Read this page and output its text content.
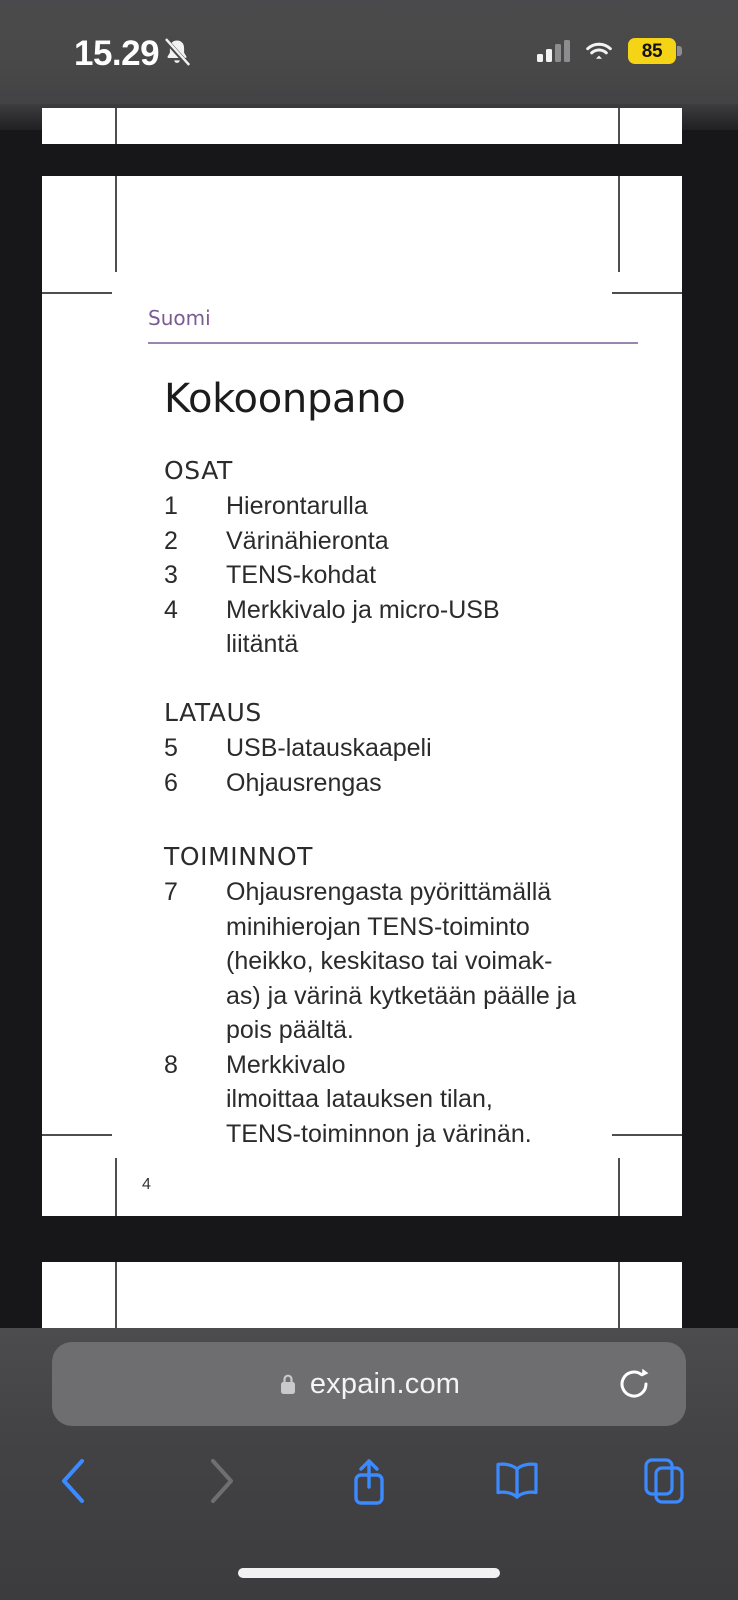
15.29	85
Suomi
Kokoonpano
OSAT
1	Hierontarulla
2	Värinähieronta
3	TENS-kohdat
4	Merkkivalo ja micro-USB
liitäntä
LATAUS
5	USB-latauskaapeli
6	Ohjausrengas
TOIMINNOT
7	Ohjausrengasta pyörittämällä
minihierojan TENS-toiminto
(heikko, keskitaso tai voimak-
as) ja värinä kytketään päälle ja
pois päältä.
8	Merkkivalo
ilmoittaa latauksen tilan,
TENS-toiminnon ja värinän.
4
expain.com
